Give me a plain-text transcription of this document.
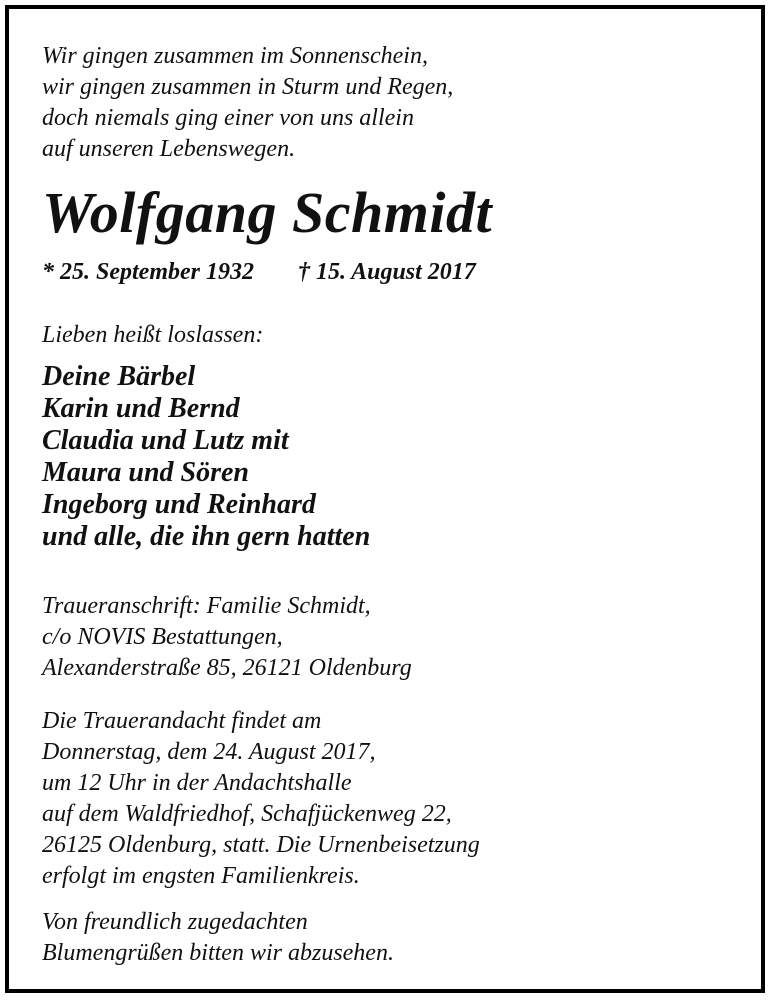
Wir gingen zusammen im Sonnenschein,
wir gingen zusammen in Sturm und Regen,
doch niemals ging einer von uns allein
auf unseren Lebenswegen.
Wolfgang Schmidt
* 25. September 1932 † 15. August 2017
Lieben heißt loslassen:
Deine Bärbel
Karin und Bernd
Claudia und Lutz mit
Maura und Sören
Ingeborg und Reinhard
und alle, die ihn gern hatten
Traueranschrift: Familie Schmidt,
c/o NOVIS Bestattungen,
Alexanderstraße 85, 26121 Oldenburg
Die Trauerandacht findet am
Donnerstag, dem 24. August 2017,
um 12 Uhr in der Andachtshalle
auf dem Waldfriedhof, Schafjückenweg 22,
26125 Oldenburg, statt. Die Urnenbeisetzung
erfolgt im engsten Familienkreis.
Von freundlich zugedachten
Blumengrüßen bitten wir abzusehen.
